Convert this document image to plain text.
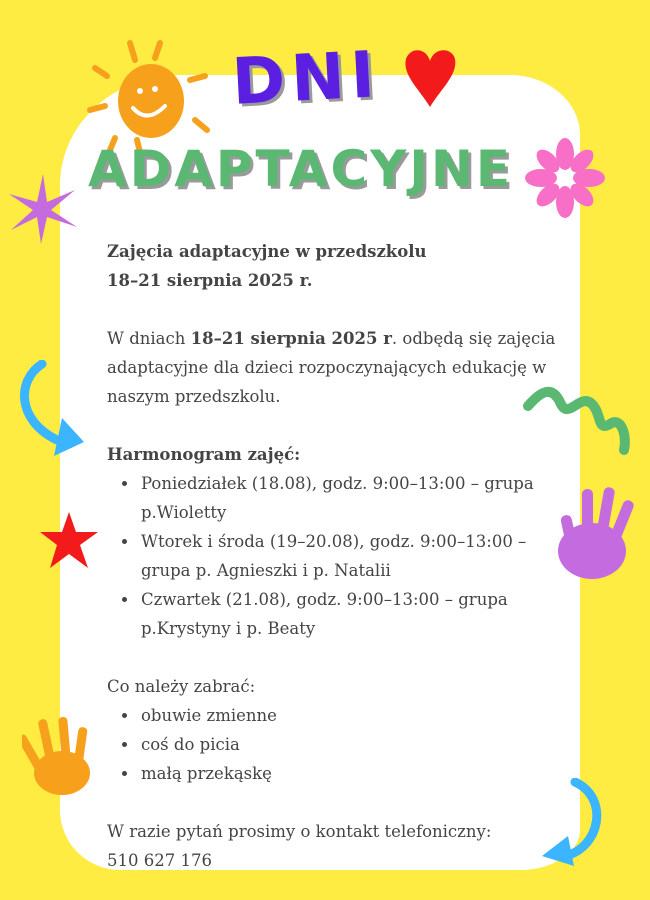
DNI
ADAPTACYJNE

Zajęcia adaptacyjne w przedszkolu

18–21 sierpnia 2025 r.

W dniach 18–21 sierpnia 2025 r. odbędą się zajęcia adaptacyjne dla dzieci rozpoczynających edukację w naszym przedszkolu.

Harmonogram zajęć:

• Poniedziałek (18.08), godz. 9:00–13:00 – grupa p.Wioletty
• Wtorek i środa (19–20.08), godz. 9:00–13:00 – grupa p. Agnieszki i p. Natalii
• Czwartek (21.08), godz. 9:00–13:00 – grupa p.Krystyny i p. Beaty

Co należy zabrać:

• obuwie zmienne
• coś do picia
• małą przekąskę

W razie pytań prosimy o kontakt telefoniczny:

510 627 176
